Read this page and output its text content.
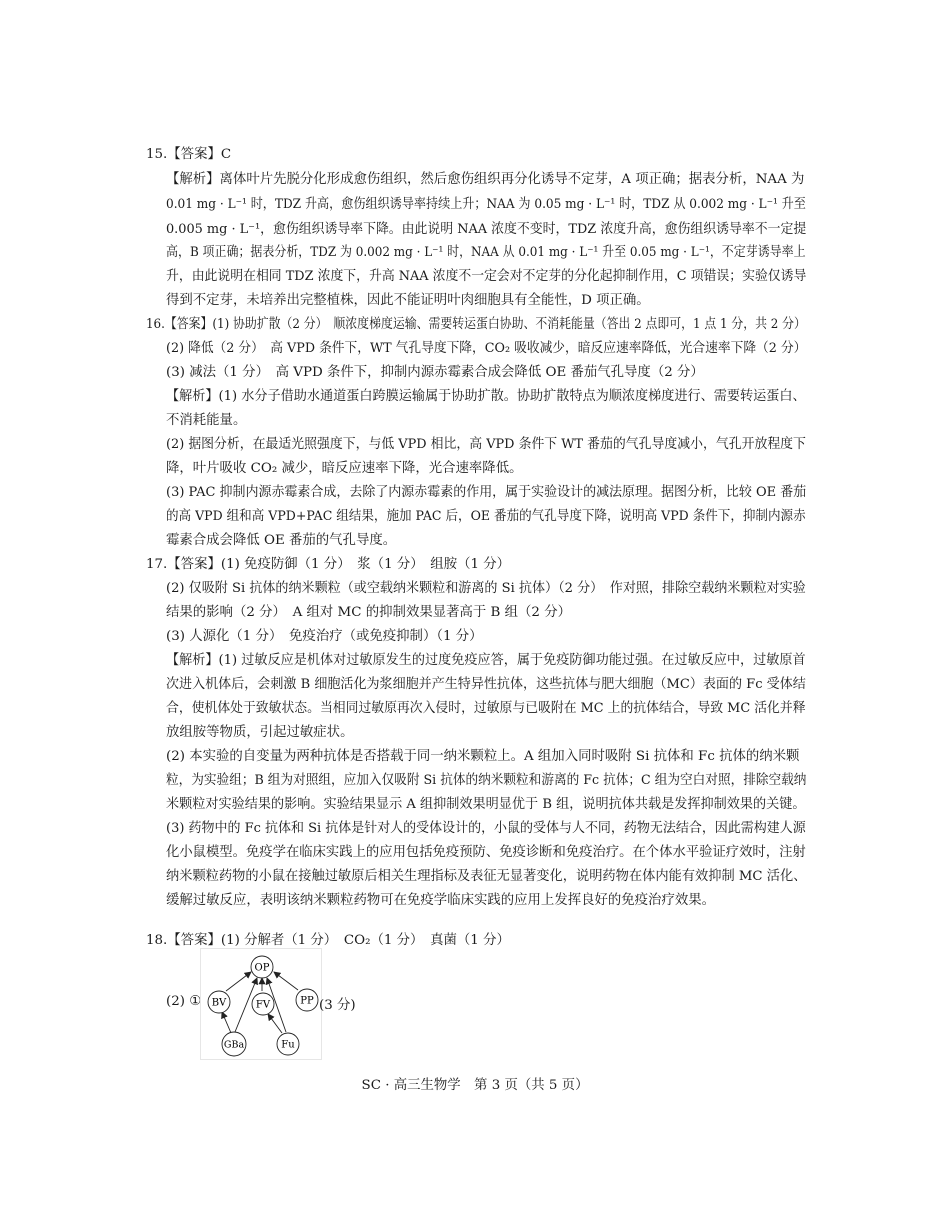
15.【答案】C
【解析】离体叶片先脱分化形成愈伤组织，然后愈伤组织再分化诱导不定芽，A 项正确；据表分析，NAA 为
0.01 mg · L⁻¹ 时，TDZ 升高，愈伤组织诱导率持续上升；NAA 为 0.05 mg · L⁻¹ 时，TDZ 从 0.002 mg · L⁻¹ 升至
0.005 mg · L⁻¹，愈伤组织诱导率下降。由此说明 NAA 浓度不变时，TDZ 浓度升高，愈伤组织诱导率不一定提
高，B 项正确；据表分析，TDZ 为 0.002 mg · L⁻¹ 时，NAA 从 0.01 mg · L⁻¹ 升至 0.05 mg · L⁻¹，不定芽诱导率上
升，由此说明在相同 TDZ 浓度下，升高 NAA 浓度不一定会对不定芽的分化起抑制作用，C 项错误；实验仅诱导
得到不定芽，未培养出完整植株，因此不能证明叶肉细胞具有全能性，D 项正确。
16.【答案】(1) 协助扩散（2 分）　顺浓度梯度运输、需要转运蛋白协助、不消耗能量（答出 2 点即可，1 点 1 分，共 2 分）
(2) 降低（2 分）　高 VPD 条件下，WT 气孔导度下降，CO₂ 吸收减少，暗反应速率降低，光合速率下降（2 分）
(3) 减法（1 分）　高 VPD 条件下，抑制内源赤霉素合成会降低 OE 番茄气孔导度（2 分）
【解析】(1) 水分子借助水通道蛋白跨膜运输属于协助扩散。协助扩散特点为顺浓度梯度进行、需要转运蛋白、
不消耗能量。
(2) 据图分析，在最适光照强度下，与低 VPD 相比，高 VPD 条件下 WT 番茄的气孔导度减小，气孔开放程度下
降，叶片吸收 CO₂ 减少，暗反应速率下降，光合速率降低。
(3) PAC 抑制内源赤霉素合成，去除了内源赤霉素的作用，属于实验设计的减法原理。据图分析，比较 OE 番茄
的高 VPD 组和高 VPD+PAC 组结果，施加 PAC 后，OE 番茄的气孔导度下降，说明高 VPD 条件下，抑制内源赤
霉素合成会降低 OE 番茄的气孔导度。
17.【答案】(1) 免疫防御（1 分）　浆（1 分）　组胺（1 分）
(2) 仅吸附 Si 抗体的纳米颗粒（或空载纳米颗粒和游离的 Si 抗体）（2 分）　作对照，排除空载纳米颗粒对实验
结果的影响（2 分）　A 组对 MC 的抑制效果显著高于 B 组（2 分）
(3) 人源化（1 分）　免疫治疗（或免疫抑制）（1 分）
【解析】(1) 过敏反应是机体对过敏原发生的过度免疫应答，属于免疫防御功能过强。在过敏反应中，过敏原首
次进入机体后，会刺激 B 细胞活化为浆细胞并产生特异性抗体，这些抗体与肥大细胞（MC）表面的 Fc 受体结
合，使机体处于致敏状态。当相同过敏原再次入侵时，过敏原与已吸附在 MC 上的抗体结合，导致 MC 活化并释
放组胺等物质，引起过敏症状。
(2) 本实验的自变量为两种抗体是否搭载于同一纳米颗粒上。A 组加入同时吸附 Si 抗体和 Fc 抗体的纳米颗
粒，为实验组；B 组为对照组，应加入仅吸附 Si 抗体的纳米颗粒和游离的 Fc 抗体；C 组为空白对照，排除空载纳
米颗粒对实验结果的影响。实验结果显示 A 组抑制效果明显优于 B 组，说明抗体共载是发挥抑制效果的关键。
(3) 药物中的 Fc 抗体和 Si 抗体是针对人的受体设计的，小鼠的受体与人不同，药物无法结合，因此需构建人源
化小鼠模型。免疫学在临床实践上的应用包括免疫预防、免疫诊断和免疫治疗。在个体水平验证疗效时，注射
纳米颗粒药物的小鼠在接触过敏原后相关生理指标及表征无显著变化，说明药物在体内能有效抑制 MC 活化、
缓解过敏反应，表明该纳米颗粒药物可在免疫学临床实践的应用上发挥良好的免疫治疗效果。
18.【答案】(1) 分解者（1 分）　CO₂（1 分）　真菌（1 分）
(2) ①
OP
BV	FV	PP
GBa	Fu
(3 分)
SC · 高三生物学　第 3 页（共 5 页）
